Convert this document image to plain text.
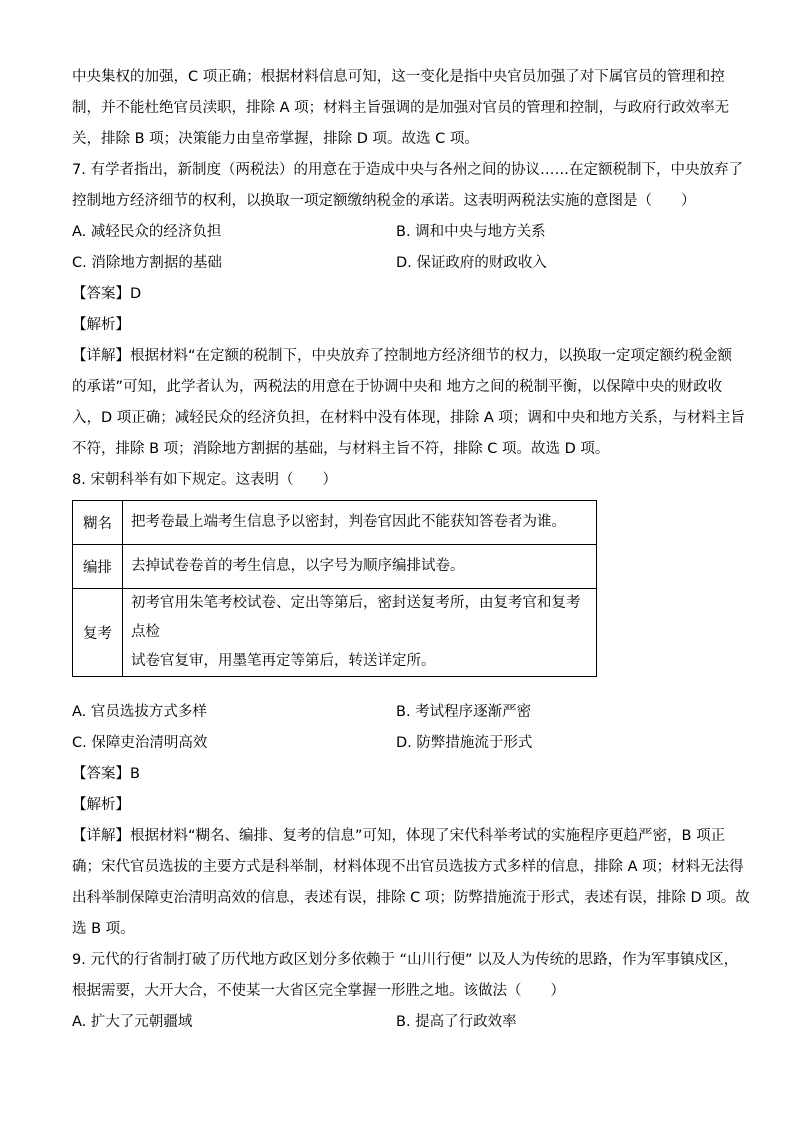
中央集权的加强，C 项正确；根据材料信息可知，这一变化是指中央官员加强了对下属官员的管理和控
制，并不能杜绝官员渎职，排除 A 项；材料主旨强调的是加强对官员的管理和控制，与政府行政效率无
关，排除 B 项；决策能力由皇帝掌握，排除 D 项。故选 C 项。
7. 有学者指出，新制度（两税法）的用意在于造成中央与各州之间的协议……在定额税制下，中央放弃了
控制地方经济细节的权利，以换取一项定额缴纳税金的承诺。这表明两税法实施的意图是（　　）
A. 减轻民众的经济负担	B. 调和中央与地方关系
C. 消除地方割据的基础	D. 保证政府的财政收入
【答案】D
【解析】
【详解】根据材料“在定额的税制下，中央放弃了控制地方经济细节的权力，以换取一定项定额约税金额
的承诺”可知，此学者认为，两税法的用意在于协调中央和 地方之间的税制平衡，以保障中央的财政收
入，D 项正确；减轻民众的经济负担，在材料中没有体现，排除 A 项；调和中央和地方关系，与材料主旨
不符，排除 B 项；消除地方割据的基础，与材料主旨不符，排除 C 项。故选 D 项。
8. 宋朝科举有如下规定。这表明（　　）
糊名	把考卷最上端考生信息予以密封，判卷官因此不能获知答卷者为谁。

编排	去掉试卷卷首的考生信息，以字号为顺序编排试卷。

复考	初考官用朱笔考校试卷、定出等第后，密封送复考所，由复考官和复考点检
试卷官复审，用墨笔再定等第后，转送详定所。
A. 官员选拔方式多样	B. 考试程序逐渐严密
C. 保障吏治清明高效	D. 防弊措施流于形式
【答案】B
【解析】
【详解】根据材料“糊名、编排、复考的信息”可知，体现了宋代科举考试的实施程序更趋严密，B 项正
确；宋代官员选拔的主要方式是科举制，材料体现不出官员选拔方式多样的信息，排除 A 项；材料无法得
出科举制保障吏治清明高效的信息，表述有误，排除 C 项；防弊措施流于形式，表述有误，排除 D 项。故
选 B 项。
9. 元代的行省制打破了历代地方政区划分多依赖于 “山川行便” 以及人为传统的思路，作为军事镇戍区，
根据需要，大开大合，不使某一大省区完全掌握一形胜之地。该做法（　　）
A. 扩大了元朝疆域	B. 提高了行政效率
